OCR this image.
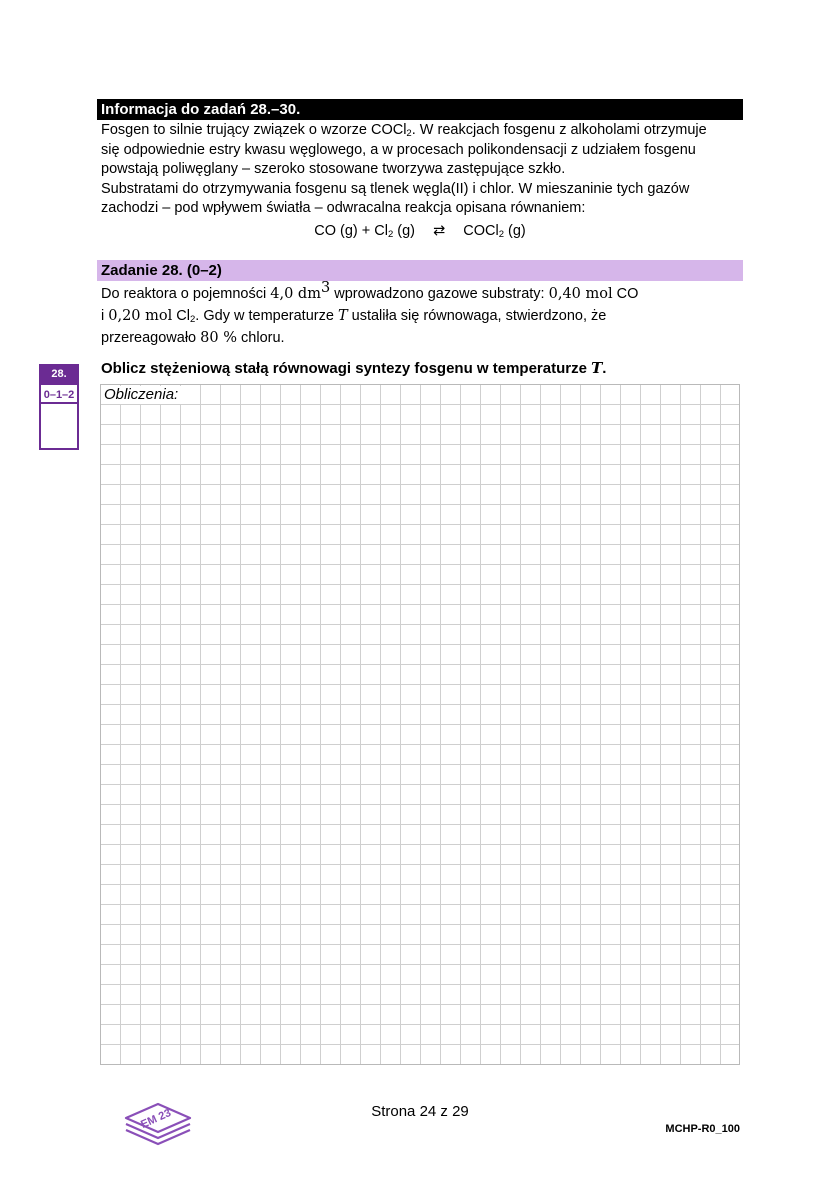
Informacja do zadań 28.–30.
Fosgen to silnie trujący związek o wzorze COCl$_2$. W reakcjach fosgenu z alkoholami otrzymuje
się odpowiednie estry kwasu węglowego, a w procesach polikondensacji z udziałem fosgenu
powstają poliwęglany – szeroko stosowane tworzywa zastępujące szkło.
Substratami do otrzymywania fosgenu są tlenek węgla(II) i chlor. W mieszaninie tych gazów
zachodzi – pod wpływem światła – odwracalna reakcja opisana równaniem:
CO $(g) + Cl_2$ (g) ⇄ COCl$_2$ (g)
Zadanie 28. (0–2)
Do reaktora o pojemności 4,0 $dm^3$ wprowadzono gazowe substraty: 0,40 mol CO
i 0,20 mol $Cl_2$. Gdy w temperaturze T ustaliła się równowaga, stwierdzono, że
przereagowało 80 % chloru.
28.
0–1–2
Oblicz stężeniową stałą równowagi syntezy fosgenu w temperaturze T.
Obliczenia:
EM 23	Strona 24 z 29
MCHP-R0_100
